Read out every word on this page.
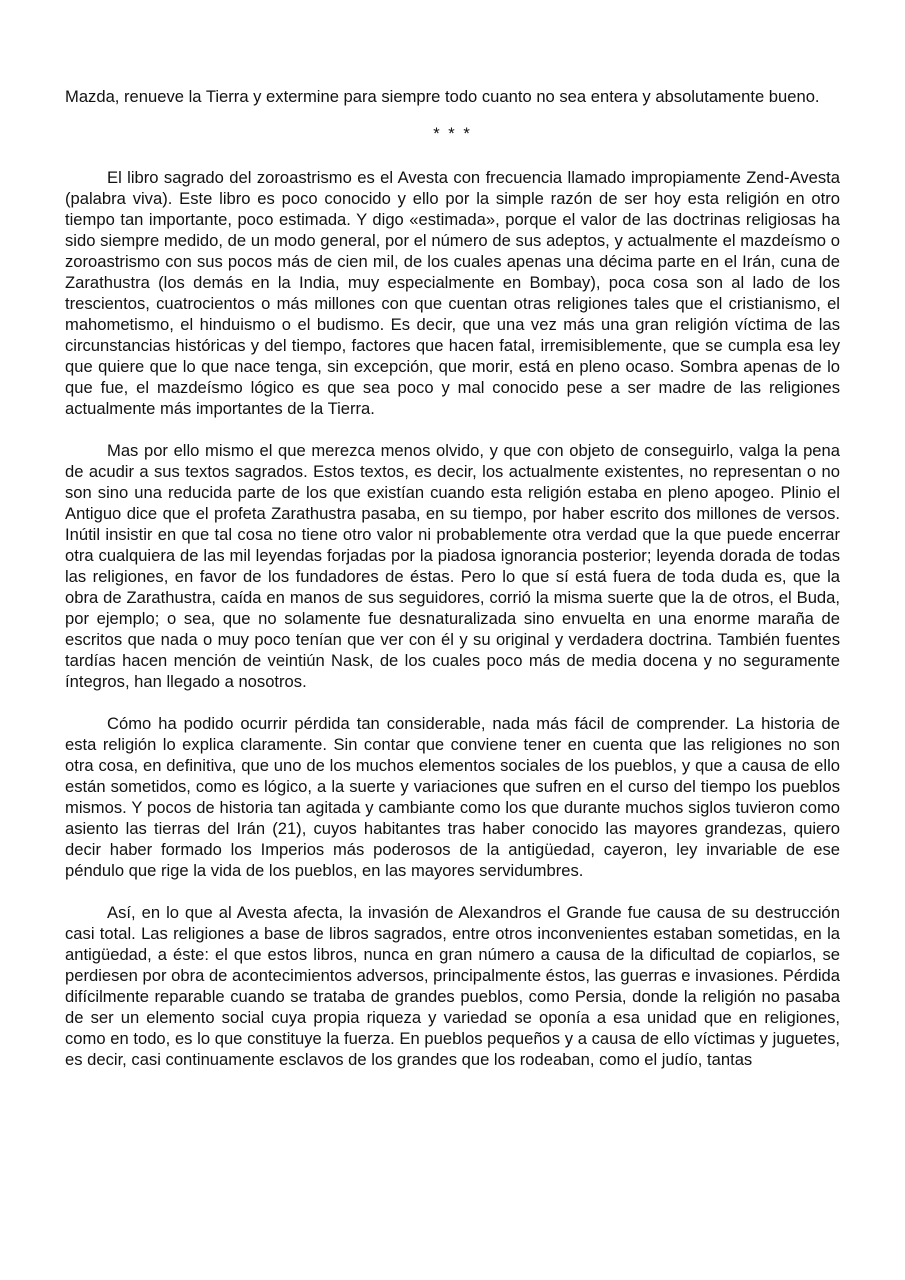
Mazda, renueve la Tierra y extermine para siempre todo cuanto no sea entera y absolutamente bueno.

* * *

El libro sagrado del zoroastrismo es el Avesta con frecuencia llamado impropiamente Zend-Avesta (palabra viva). Este libro es poco conocido y ello por la simple razón de ser hoy esta religión en otro tiempo tan importante, poco estimada. Y digo «estimada», porque el valor de las doctrinas religiosas ha sido siempre medido, de un modo general, por el número de sus adeptos, y actualmente el mazdeísmo o zoroastrismo con sus pocos más de cien mil, de los cuales apenas una décima parte en el Irán, cuna de Zarathustra (los demás en la India, muy especialmente en Bombay), poca cosa son al lado de los trescientos, cuatrocientos o más millones con que cuentan otras religiones tales que el cristianismo, el mahometismo, el hinduismo o el budismo. Es decir, que una vez más una gran religión víctima de las circunstancias históricas y del tiempo, factores que hacen fatal, irremisiblemente, que se cumpla esa ley que quiere que lo que nace tenga, sin excepción, que morir, está en pleno ocaso. Sombra apenas de lo que fue, el mazdeísmo lógico es que sea poco y mal conocido pese a ser madre de las religiones actualmente más importantes de la Tierra.

Mas por ello mismo el que merezca menos olvido, y que con objeto de conseguirlo, valga la pena de acudir a sus textos sagrados. Estos textos, es decir, los actualmente existentes, no representan o no son sino una reducida parte de los que existían cuando esta religión estaba en pleno apogeo. Plinio el Antiguo dice que el profeta Zarathustra pasaba, en su tiempo, por haber escrito dos millones de versos. Inútil insistir en que tal cosa no tiene otro valor ni probablemente otra verdad que la que puede encerrar otra cualquiera de las mil leyendas forjadas por la piadosa ignorancia posterior; leyenda dorada de todas las religiones, en favor de los fundadores de éstas. Pero lo que sí está fuera de toda duda es, que la obra de Zarathustra, caída en manos de sus seguidores, corrió la misma suerte que la de otros, el Buda, por ejemplo; o sea, que no solamente fue desnaturalizada sino envuelta en una enorme maraña de escritos que nada o muy poco tenían que ver con él y su original y verdadera doctrina. También fuentes tardías hacen mención de veintiún Nask, de los cuales poco más de media docena y no seguramente íntegros, han llegado a nosotros.

Cómo ha podido ocurrir pérdida tan considerable, nada más fácil de comprender. La historia de esta religión lo explica claramente. Sin contar que conviene tener en cuenta que las religiones no son otra cosa, en definitiva, que uno de los muchos elementos sociales de los pueblos, y que a causa de ello están sometidos, como es lógico, a la suerte y variaciones que sufren en el curso del tiempo los pueblos mismos. Y pocos de historia tan agitada y cambiante como los que durante muchos siglos tuvieron como asiento las tierras del Irán (21), cuyos habitantes tras haber conocido las mayores grandezas, quiero decir haber formado los Imperios más poderosos de la antigüedad, cayeron, ley invariable de ese péndulo que rige la vida de los pueblos, en las mayores servidumbres.

Así, en lo que al Avesta afecta, la invasión de Alexandros el Grande fue causa de su destrucción casi total. Las religiones a base de libros sagrados, entre otros inconvenientes estaban sometidas, en la antigüedad, a éste: el que estos libros, nunca en gran número a causa de la dificultad de copiarlos, se perdiesen por obra de acontecimientos adversos, principalmente éstos, las guerras e invasiones. Pérdida difícilmente reparable cuando se trataba de grandes pueblos, como Persia, donde la religión no pasaba de ser un elemento social cuya propia riqueza y variedad se oponía a esa unidad que en religiones, como en todo, es lo que constituye la fuerza. En pueblos pequeños y a causa de ello víctimas y juguetes, es decir, casi continuamente esclavos de los grandes que los rodeaban, como el judío, tantas
